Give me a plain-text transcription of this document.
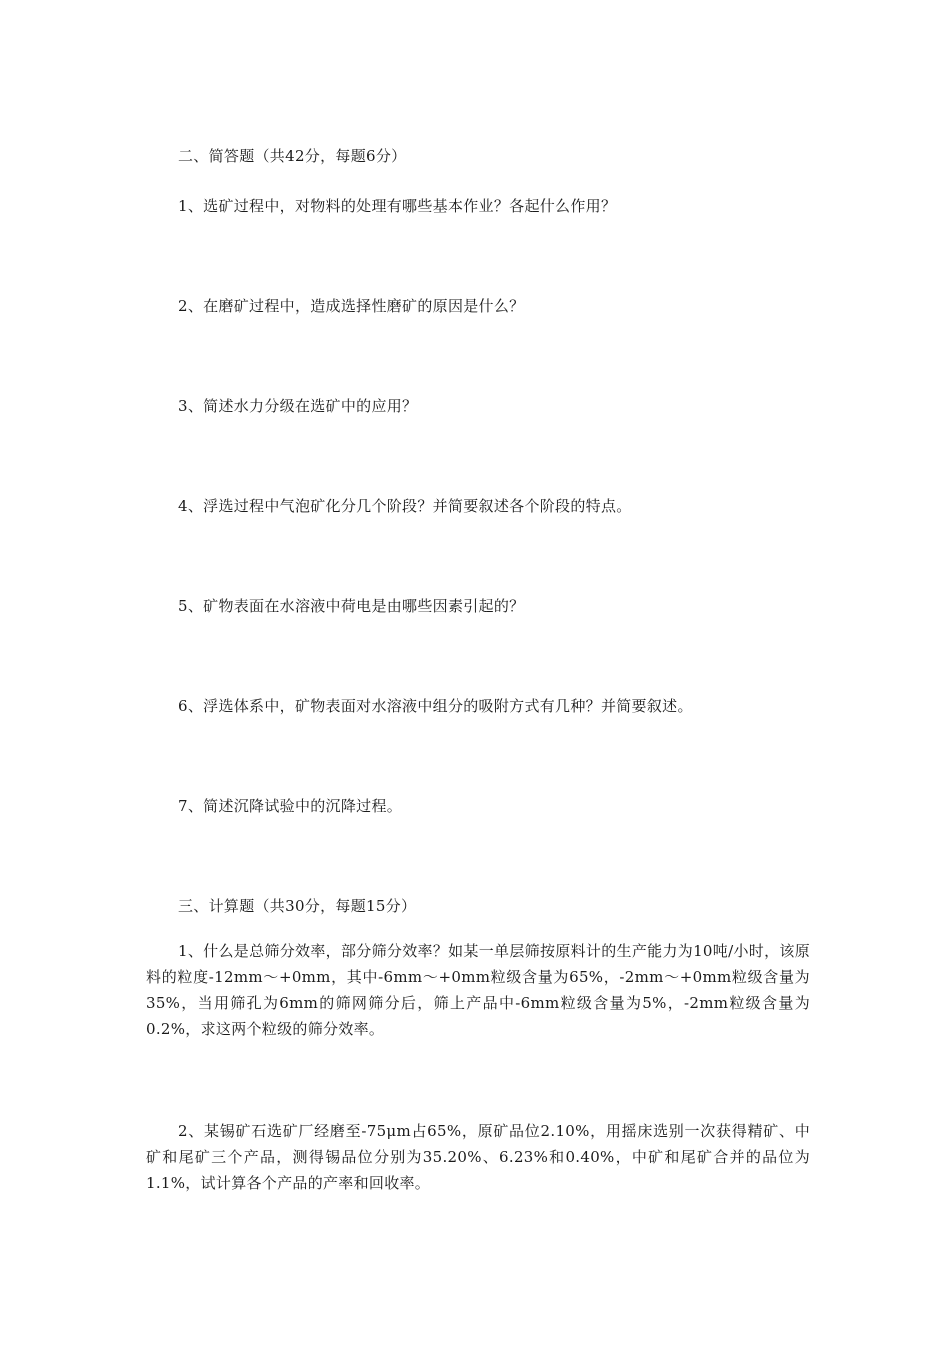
二、简答题（共42分，每题6分）
1、选矿过程中，对物料的处理有哪些基本作业？各起什么作用？
2、在磨矿过程中，造成选择性磨矿的原因是什么？
3、简述水力分级在选矿中的应用？
4、浮选过程中气泡矿化分几个阶段？并简要叙述各个阶段的特点。
5、矿物表面在水溶液中荷电是由哪些因素引起的？
6、浮选体系中，矿物表面对水溶液中组分的吸附方式有几种？并简要叙述。
7、简述沉降试验中的沉降过程。
三、计算题（共30分，每题15分）
1、什么是总筛分效率，部分筛分效率？如某一单层筛按原料计的生产能力为10吨/小时，该原料的粒度-12mm～+0mm，其中-6mm～+0mm粒级含量为65%，-2mm～+0mm粒级含量为35%，当用筛孔为6mm的筛网筛分后，筛上产品中-6mm粒级含量为5%，-2mm粒级含量为0.2%，求这两个粒级的筛分效率。
2、某锡矿石选矿厂经磨至-75μm占65%，原矿品位2.10%，用摇床选别一次获得精矿、中矿和尾矿三个产品，测得锡品位分别为35.20%、6.23%和0.40%，中矿和尾矿合并的品位为1.1%，试计算各个产品的产率和回收率。
